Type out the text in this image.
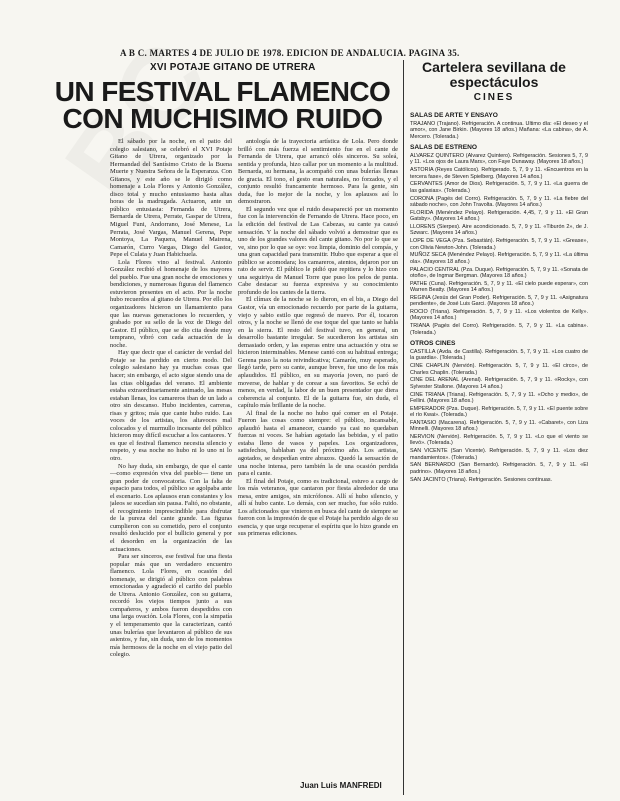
A B C. MARTES 4 DE JULIO DE 1978. EDICION DE ANDALUCIA. PAGINA 35.
XVI POTAJE GITANO DE UTRERA
UN FESTIVAL FLAMENCO CON MUCHISIMO RUIDO

El sábado por la noche, en el patio del colegio salesiano, se celebró el XVI Potaje Gitano de Utrera, organizado por la Hermandad del Santísimo Cristo de la Buena Muerte y Nuestra Señora de la Esperanza. Con Gitanos, y este año se le dirigió como homenaje a Lola Flores y Antonio González, disco total y mucho entusiasmo hasta altas horas de la madrugada. Actuaron, ante un público entusiasta: Fernanda de Utrera, Bernarda de Utrera, Perrate, Gaspar de Utrera, Miguel Funi, Andorrano, José Menese, La Perrata, José Vargas, Manuel Gerena, Pepe Montoya, La Paquera, Manuel Mairena, Camarón, Curro Vargas, Diego del Gastor, Pepe el Culata y Juan Habichuela.

Lola Flores vino al festival. Antonio González recibió el homenaje de los mayores del pueblo. Fue una gran noche de emociones y bendiciones, y numerosas figuras del flamenco estuvieron presentes en el acto. Por la noche hubo recuerdos al gitano de Utrera. Por ello los organizadores hicieron un llamamiento para que las nuevas generaciones lo recuerden, y grabado por su sello de la voz de Diego del Gastor. El público, que se dio cita desde muy temprano, vibró con cada actuación de la noche.

Hay que decir que el carácter de verdad del Potaje se ha perdido en cierto modo. Del colegio salesiano hay ya muchas cosas que hacer; sin embargo, el acto sigue siendo una de las citas obligadas del verano. El ambiente estaba extraordinariamente animado, las mesas estaban llenas, los camareros iban de un lado a otro sin descanso. Hubo incidentes, carreras, risas y gritos; más que cante hubo ruido. Las voces de los artistas, los altavoces mal colocados y el murmullo incesante del público hicieron muy difícil escuchar a los cantaores. Y es que el festival flamenco necesita silencio y respeto, y esa noche no hubo ni lo uno ni lo otro.

No hay duda, sin embargo, de que el cante —como expresión viva del pueblo— tiene un gran poder de convocatoria. Con la falta de espacio para todos, el público se agolpaba ante el escenario. Los aplausos eran constantes y los jaleos se sucedían sin pausa. Faltó, no obstante, el recogimiento imprescindible para disfrutar de la pureza del cante grande. Las figuras cumplieron con su cometido, pero el conjunto resultó deslucido por el bullicio general y por el desorden en la organización de las actuaciones.

Para ser sinceros, ese festival fue una fiesta popular más que un verdadero encuentro flamenco. Lola Flores, en ocasión del homenaje, se dirigió al público con palabras emocionadas y agradeció el cariño del pueblo de Utrera. Antonio González, con su guitarra, recordó los viejos tiempos junto a sus compañeros, y ambos fueron despedidos con una larga ovación. Lola Flores, con la simpatía y el temperamento que la caracterizan, cantó unas bulerías que levantaron al público de sus asientos, y fue, sin duda, uno de los momentos más hermosos de la noche en el viejo patio del colegio.

antología de la trayectoria artística de Lola. Pero donde brilló con más fuerza el sentimiento fue en el cante de Fernanda de Utrera, que arrancó olés sinceros. Su soleá, sentida y profunda, hizo callar por un momento a la multitud. Bernarda, su hermana, la acompañó con unas bulerías llenas de gracia. El tono, el gesto eran naturales, no forzados, y el conjunto resultó francamente hermoso. Para la gente, sin duda, fue lo mejor de la noche, y los aplausos así lo demostraron.

El segundo vez que el ruido desapareció por un momento fue con la intervención de Fernando de Utrera. Hace poco, en la edición del festival de Las Cabezas, su cante ya causó sensación. Y la noche del sábado volvió a demostrar que es uno de los grandes valores del cante gitano. No por lo que se ve, sino por lo que se oye: voz limpia, dominio del compás, y una gran capacidad para transmitir. Hubo que esperar a que el público se acomodara; los camareros, atentos, dejaron por un rato de servir. El público le pidió que repitiera y lo hizo con una seguiriya de Manuel Torre que puso los pelos de punta. Cabe destacar su fuerza expresiva y su conocimiento profundo de los cantes de la tierra.

El clímax de la noche se lo dieron, en el bis, a Diego del Gastor, vía un emocionado recuerdo por parte de la guitarra, viejo y sabio estilo que regresó de nuevo. Por él, tocaron otros, y la noche se llenó de ese toque del que tanto se habla en la sierra. El resto del festival tuvo, en general, un desarrollo bastante irregular. Se sucedieron los artistas sin demasiado orden, y las esperas entre una actuación y otra se hicieron interminables. Menese cantó con su habitual entrega; Gerena puso la nota reivindicativa; Camarón, muy esperado, llegó tarde, pero su cante, aunque breve, fue uno de los más aplaudidos. El público, en su mayoría joven, no paró de moverse, de hablar y de corear a sus favoritos. Se echó de menos, en verdad, la labor de un buen presentador que diera coherencia al conjunto. El de la guitarra fue, sin duda, el capítulo más brillante de la noche.

Al final de la noche no hubo qué comer en el Potaje. Fueron las cosas como siempre: el público, incansable, aplaudió hasta el amanecer, cuando ya casi no quedaban fuerzas ni voces. Se habían agotado las bebidas, y el patio estaba lleno de vasos y papeles. Los organizadores, satisfechos, hablaban ya del próximo año. Los artistas, agotados, se despedían entre abrazos. Quedó la sensación de una noche intensa, pero también la de una ocasión perdida para el cante.

El final del Potaje, como es tradicional, estuvo a cargo de los más veteranos, que cantaron por fiesta alrededor de una mesa, entre amigos, sin micrófonos. Allí sí hubo silencio, y allí sí hubo cante. Lo demás, con ser mucho, fue sólo ruido. Los aficionados que vinieron en busca del cante de siempre se fueron con la impresión de que el Potaje ha perdido algo de su esencia, y que urge recuperar el espíritu que lo hizo grande en sus primeras ediciones.

Juan Luis MANFREDI
Cartelera sevillana de espectáculos
CINES
SALAS DE ARTE Y ENSAYO
TRAJANO (Trajano). Refrigeración. A continua. Ultimo día: «El deseo y el amor», con Jane Birkin. (Mayores 18 años.) Mañana: «La cabina», de A. Mercero. (Tolerada.)
SALAS DE ESTRENO
ALVAREZ QUINTERO (Alvarez Quintero). Refrigeración. Sesiones 5, 7, 9 y 11. «Los ojos de Laura Mars», con Faye Dunaway. (Mayores 18 años.)
ASTORIA (Reyes Católicos). Refrigerado. 5, 7, 9 y 11. «Encuentros en la tercera fase», de Steven Spielberg. (Mayores 14 años.)
CERVANTES (Amor de Dios). Refrigeración. 5, 7, 9 y 11. «La guerra de las galaxias». (Tolerada.)
CORONA (Pagés del Corro). Refrigeración. 5, 7, 9 y 11. «La fiebre del sábado noche», con John Travolta. (Mayores 14 años.)
FLORIDA (Menéndez Pelayo). Refrigeración. 4,45, 7, 9 y 11. «El Gran Gatsby». (Mayores 14 años.)
LLORENS (Sierpes). Aire acondicionado. 5, 7, 9 y 11. «Tiburón 2», de J. Szwarc. (Mayores 14 años.)
LOPE DE VEGA (Pza. Sebastián). Refrigeración. 5, 7, 9 y 11. «Grease», con Olivia Newton-John. (Tolerada.)
MUÑOZ SECA (Menéndez Pelayo). Refrigeración. 5, 7, 9 y 11. «La última ola». (Mayores 18 años.)
PALACIO CENTRAL (Pza. Duque). Refrigeración. 5, 7, 9 y 11. «Sonata de otoño», de Ingmar Bergman. (Mayores 18 años.)
PATHE (Cuna). Refrigeración. 5, 7, 9 y 11. «El cielo puede esperar», con Warren Beatty. (Mayores 14 años.)
REGINA (Jesús del Gran Poder). Refrigeración. 5, 7, 9 y 11. «Asignatura pendiente», de José Luis Garci. (Mayores 18 años.)
ROCIO (Triana). Refrigeración. 5, 7, 9 y 11. «Los violentos de Kelly». (Mayores 14 años.)
TRIANA (Pagés del Corro). Refrigeración. 5, 7, 9 y 11. «La cabina». (Tolerada.)
OTROS CINES
CASTILLA (Avda. de Castilla). Refrigeración. 5, 7, 9 y 11. «Los cuatro de la guardia». (Tolerada.)
CINE CHAPLIN (Nervión). Refrigeración. 5, 7, 9 y 11. «El circo», de Charles Chaplin. (Tolerada.)
CINE DEL ARENAL (Arenal). Refrigeración. 5, 7, 9 y 11. «Rocky», con Sylvester Stallone. (Mayores 14 años.)
CINE TRIANA (Triana). Refrigeración. 5, 7, 9 y 11. «Ocho y medio», de Fellini. (Mayores 18 años.)
EMPERADOR (Pza. Duque). Refrigeración. 5, 7, 9 y 11. «El puente sobre el río Kwai». (Tolerada.)
FANTASIO (Macarena). Refrigeración. 5, 7, 9 y 11. «Cabaret», con Liza Minnelli. (Mayores 18 años.)
NERVION (Nervión). Refrigeración. 5, 7, 9 y 11. «Lo que el viento se llevó». (Tolerada.)
SAN VICENTE (San Vicente). Refrigeración. 5, 7, 9 y 11. «Los diez mandamientos». (Tolerada.)
SAN BERNARDO (San Bernardo). Refrigeración. 5, 7, 9 y 11. «El padrino». (Mayores 18 años.)
SAN JACINTO (Triana). Refrigeración. Sesiones continuas.
